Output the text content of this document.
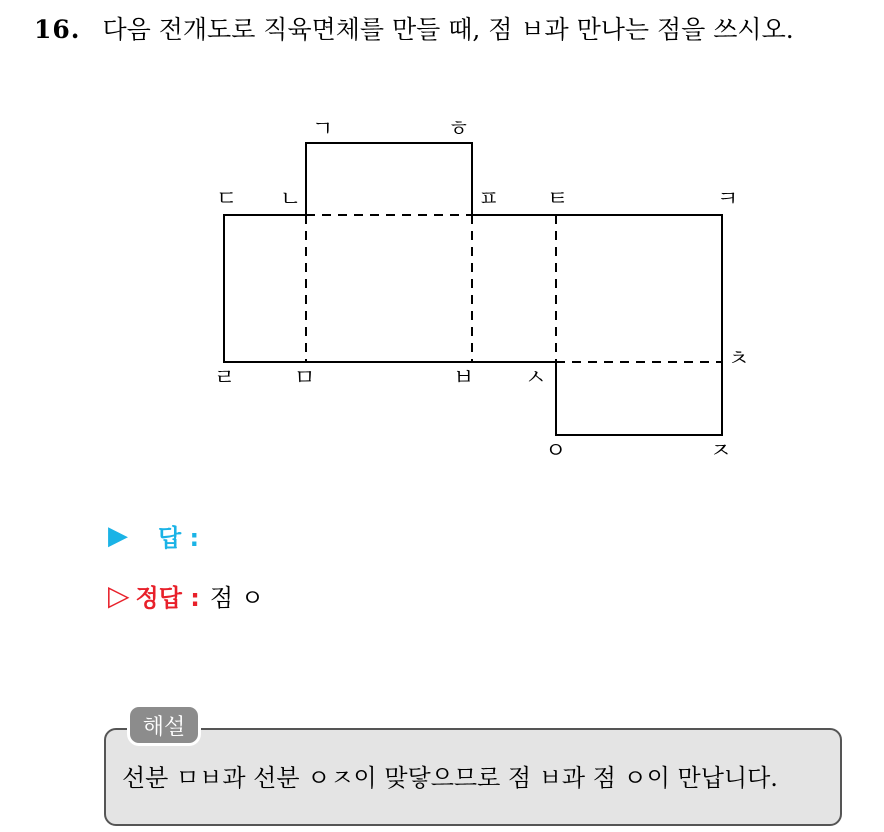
16. 다음 전개도로 직육면체를 만들 때, 점 ㅂ과 만나는 점을 쓰시오.
ㄱ	ㅎ
ㄷ ㄴ	ㅍ ㅌ	ㅋ
ㄹ	ㅁ	ㅂ ㅅ
ㅊ
ㅇ	ㅈ
▶	답 :
▷ 정답 : 점 ㅇ
해설
선분 ㅁㅂ과 선분 ㅇㅈ이 맞닿으므로 점 ㅂ과 점 ㅇ이 만납니다.
